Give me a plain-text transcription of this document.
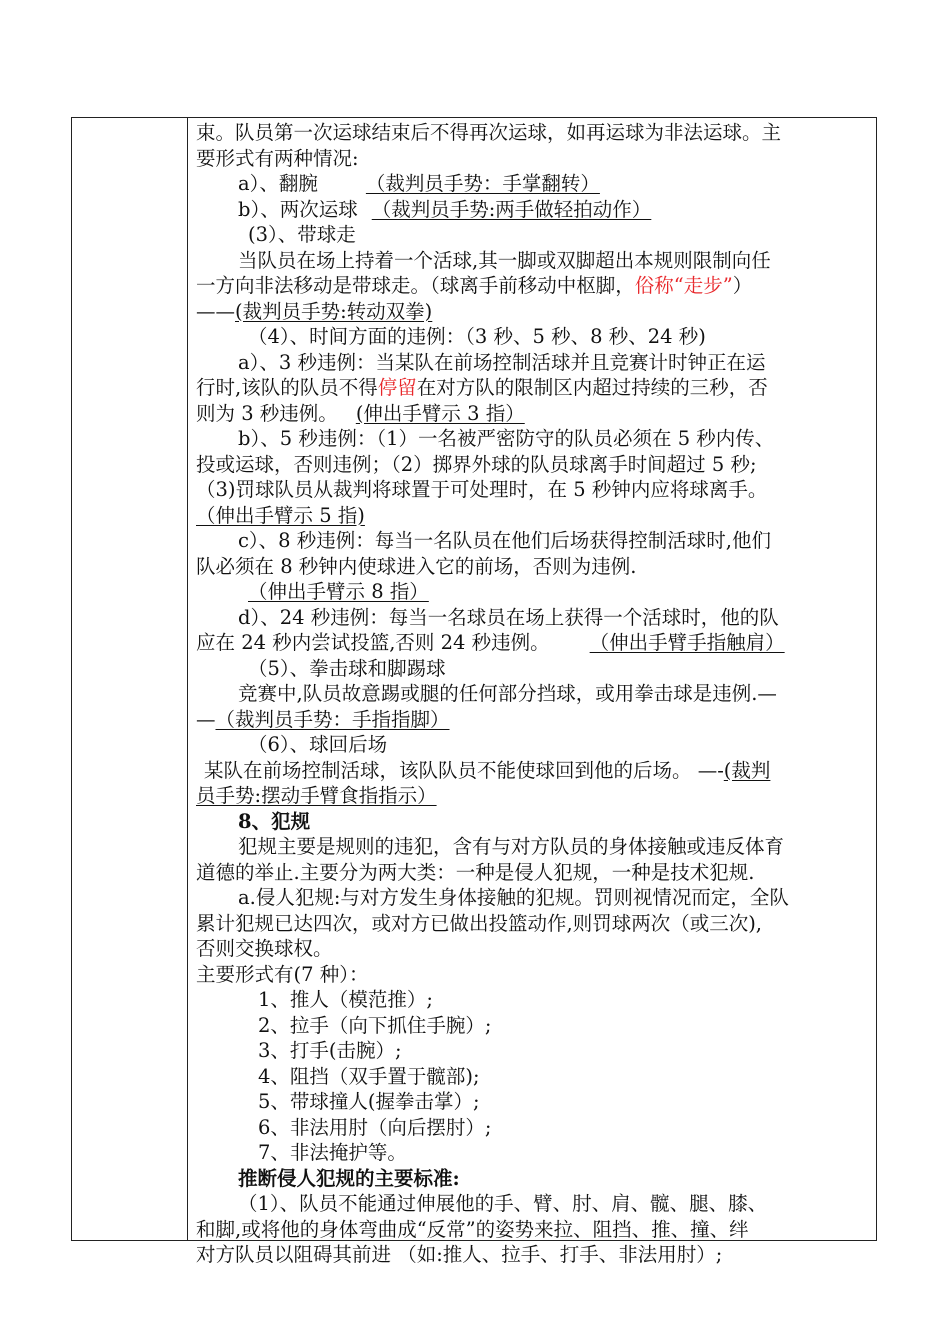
束。队员第一次运球结束后不得再次运球，如再运球为非法运球。主
要形式有两种情况:
a）、翻腕 （裁判员手势：手掌翻转）
b）、两次运球 （裁判员手势:两手做轻拍动作）
(3）、带球走
当队员在场上持着一个活球,其一脚或双脚超出本规则限制向任
一方向非法移动是带球走。（球离手前移动中枢脚，俗称“走步”）
——(裁判员手势:转动双拳)
（4）、时间方面的违例：（3 秒、5 秒、8 秒、24 秒)
a）、3 秒违例：当某队在前场控制活球并且竞赛计时钟正在运
行时,该队的队员不得停留在对方队的限制区内超过持续的三秒，否
则为 3 秒违例。 (伸出手臂示 3 指）
b）、5 秒违例：（1）一名被严密防守的队员必须在 5 秒内传、
投或运球，否则违例；（2）掷界外球的队员球离手时间超过 5 秒;
（3)罚球队员从裁判将球置于可处理时，在 5 秒钟内应将球离手。
（伸出手臂示 5 指)
c）、8 秒违例：每当一名队员在他们后场获得控制活球时,他们
队必须在 8 秒钟内使球进入它的前场，否则为违例.
（伸出手臂示 8 指）
d）、24 秒违例：每当一名球员在场上获得一个活球时，他的队
应在 24 秒内尝试投篮,否则 24 秒违例。 （伸出手臂手指触肩）
（5）、拳击球和脚踢球
竞赛中,队员故意踢或腿的任何部分挡球，或用拳击球是违例.—
—（裁判员手势：手指指脚）
（6）、球回后场
某队在前场控制活球，该队队员不能使球回到他的后场。 —-(裁判
员手势:摆动手臂食指指示）
8、犯规
犯规主要是规则的违犯，含有与对方队员的身体接触或违反体育
道德的举止.主要分为两大类：一种是侵人犯规，一种是技术犯规.
a.侵人犯规:与对方发生身体接触的犯规。罚则视情况而定，全队
累计犯规已达四次，或对方已做出投篮动作,则罚球两次（或三次),
否则交换球权。
主要形式有(7 种）：
1、推人（模范推）;
2、拉手（向下抓住手腕）;
3、打手(击腕）;
4、阻挡（双手置于髋部);
5、带球撞人(握拳击掌）;
6、非法用肘（向后摆肘）;
7、非法掩护等。
推断侵人犯规的主要标准:
（1）、队员不能通过伸展他的手、臂、肘、肩、髋、腿、膝、
和脚,或将他的身体弯曲成“反常”的姿势来拉、阻挡、推、撞、绊
对方队员以阻碍其前进 （如:推人、拉手、打手、非法用肘）;
